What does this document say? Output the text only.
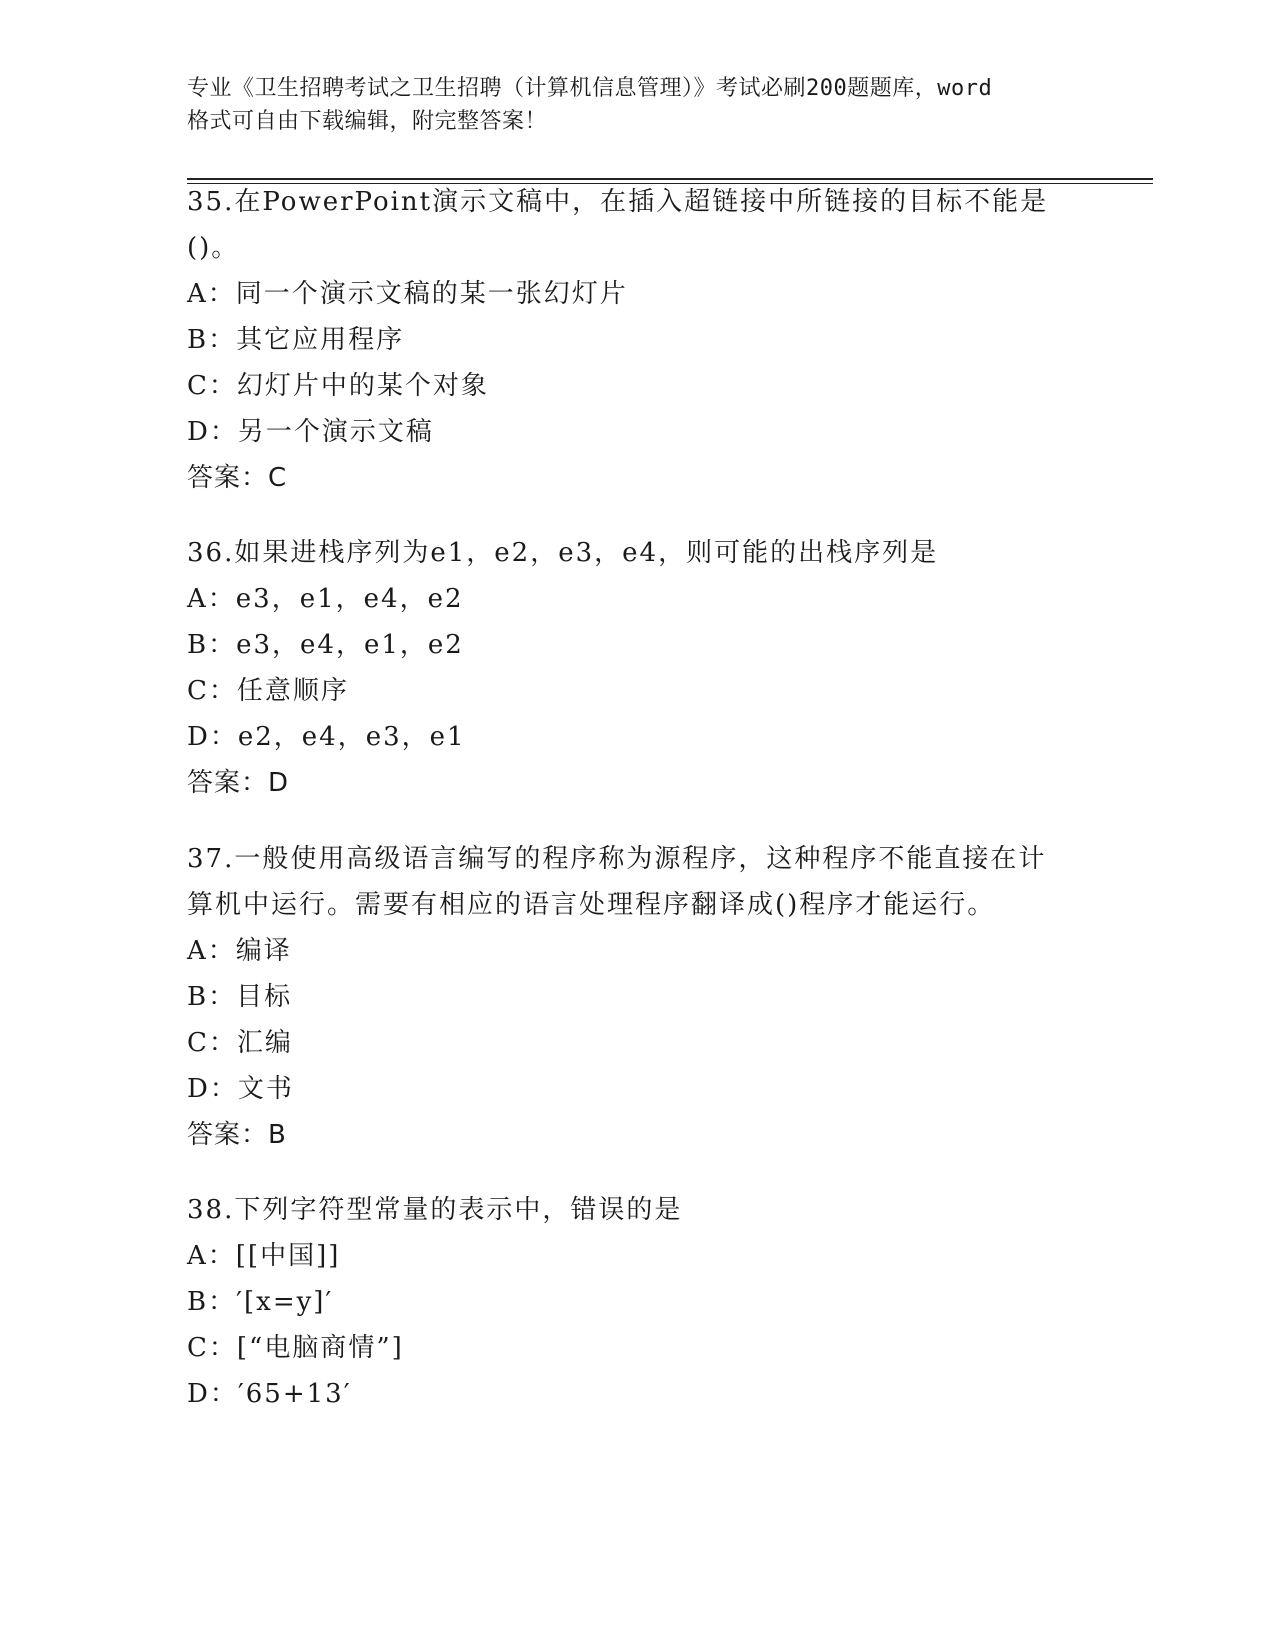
专业《卫生招聘考试之卫生招聘（计算机信息管理）》考试必刷200题题库，word
格式可自由下载编辑，附完整答案！
35.在PowerPoint演示文稿中，在插入超链接中所链接的目标不能是
()。
A：同一个演示文稿的某一张幻灯片
B：其它应用程序
C：幻灯片中的某个对象
D：另一个演示文稿
答案：C
36.如果进栈序列为e1，e2，e3，e4，则可能的出栈序列是
A：e3，e1，e4，e2
B：e3，e4，e1，e2
C：任意顺序
D：e2，e4，e3，e1
答案：D
37.一般使用高级语言编写的程序称为源程序，这种程序不能直接在计
算机中运行。需要有相应的语言处理程序翻译成()程序才能运行。
A：编译
B：目标
C：汇编
D：文书
答案：B
38.下列字符型常量的表示中，错误的是
A：[[中国]]
B：′[x=y]′
C：[“电脑商情”]
D：′65+13′
